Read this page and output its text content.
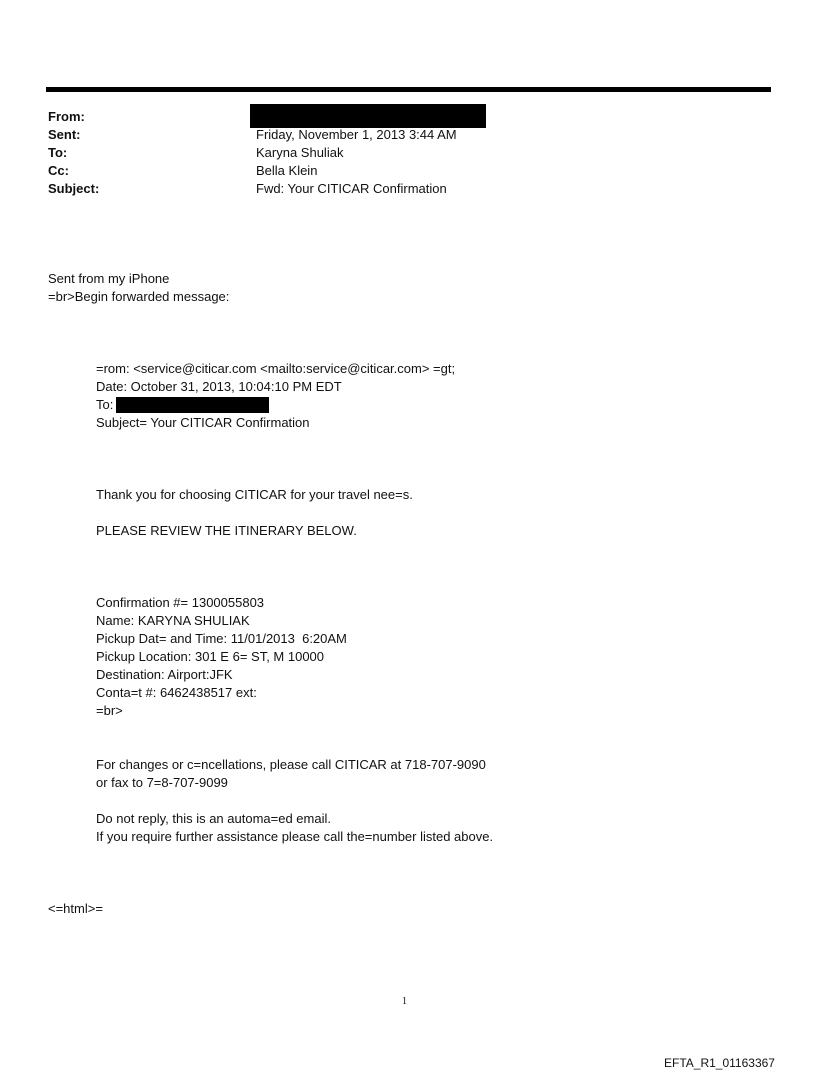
From:
Sent:	Friday, November 1, 2013 3:44 AM
To:	Karyna Shuliak
Cc:	Bella Klein
Subject:	Fwd: Your CITICAR Confirmation
Sent from my iPhone
=br>Begin forwarded message:
=rom: <service@citicar.com <mailto:service@citicar.com> =gt;
Date: October 31, 2013, 10:04:10 PM EDT
To:
Subject= Your CITICAR Confirmation
Thank you for choosing CITICAR for your travel nee=s.
PLEASE REVIEW THE ITINERARY BELOW.
Confirmation #= 1300055803
Name: KARYNA SHULIAK
Pickup Dat= and Time: 11/01/2013  6:20AM
Pickup Location: 301 E 6= ST, M 10000
Destination: Airport:JFK
Conta=t #: 6462438517 ext:
=br>
For changes or c=ncellations, please call CITICAR at 718-707-9090
or fax to 7=8-707-9099
Do not reply, this is an automa=ed email.
If you require further assistance please call the=number listed above.
<=html>=
1
EFTA_R1_01163367
